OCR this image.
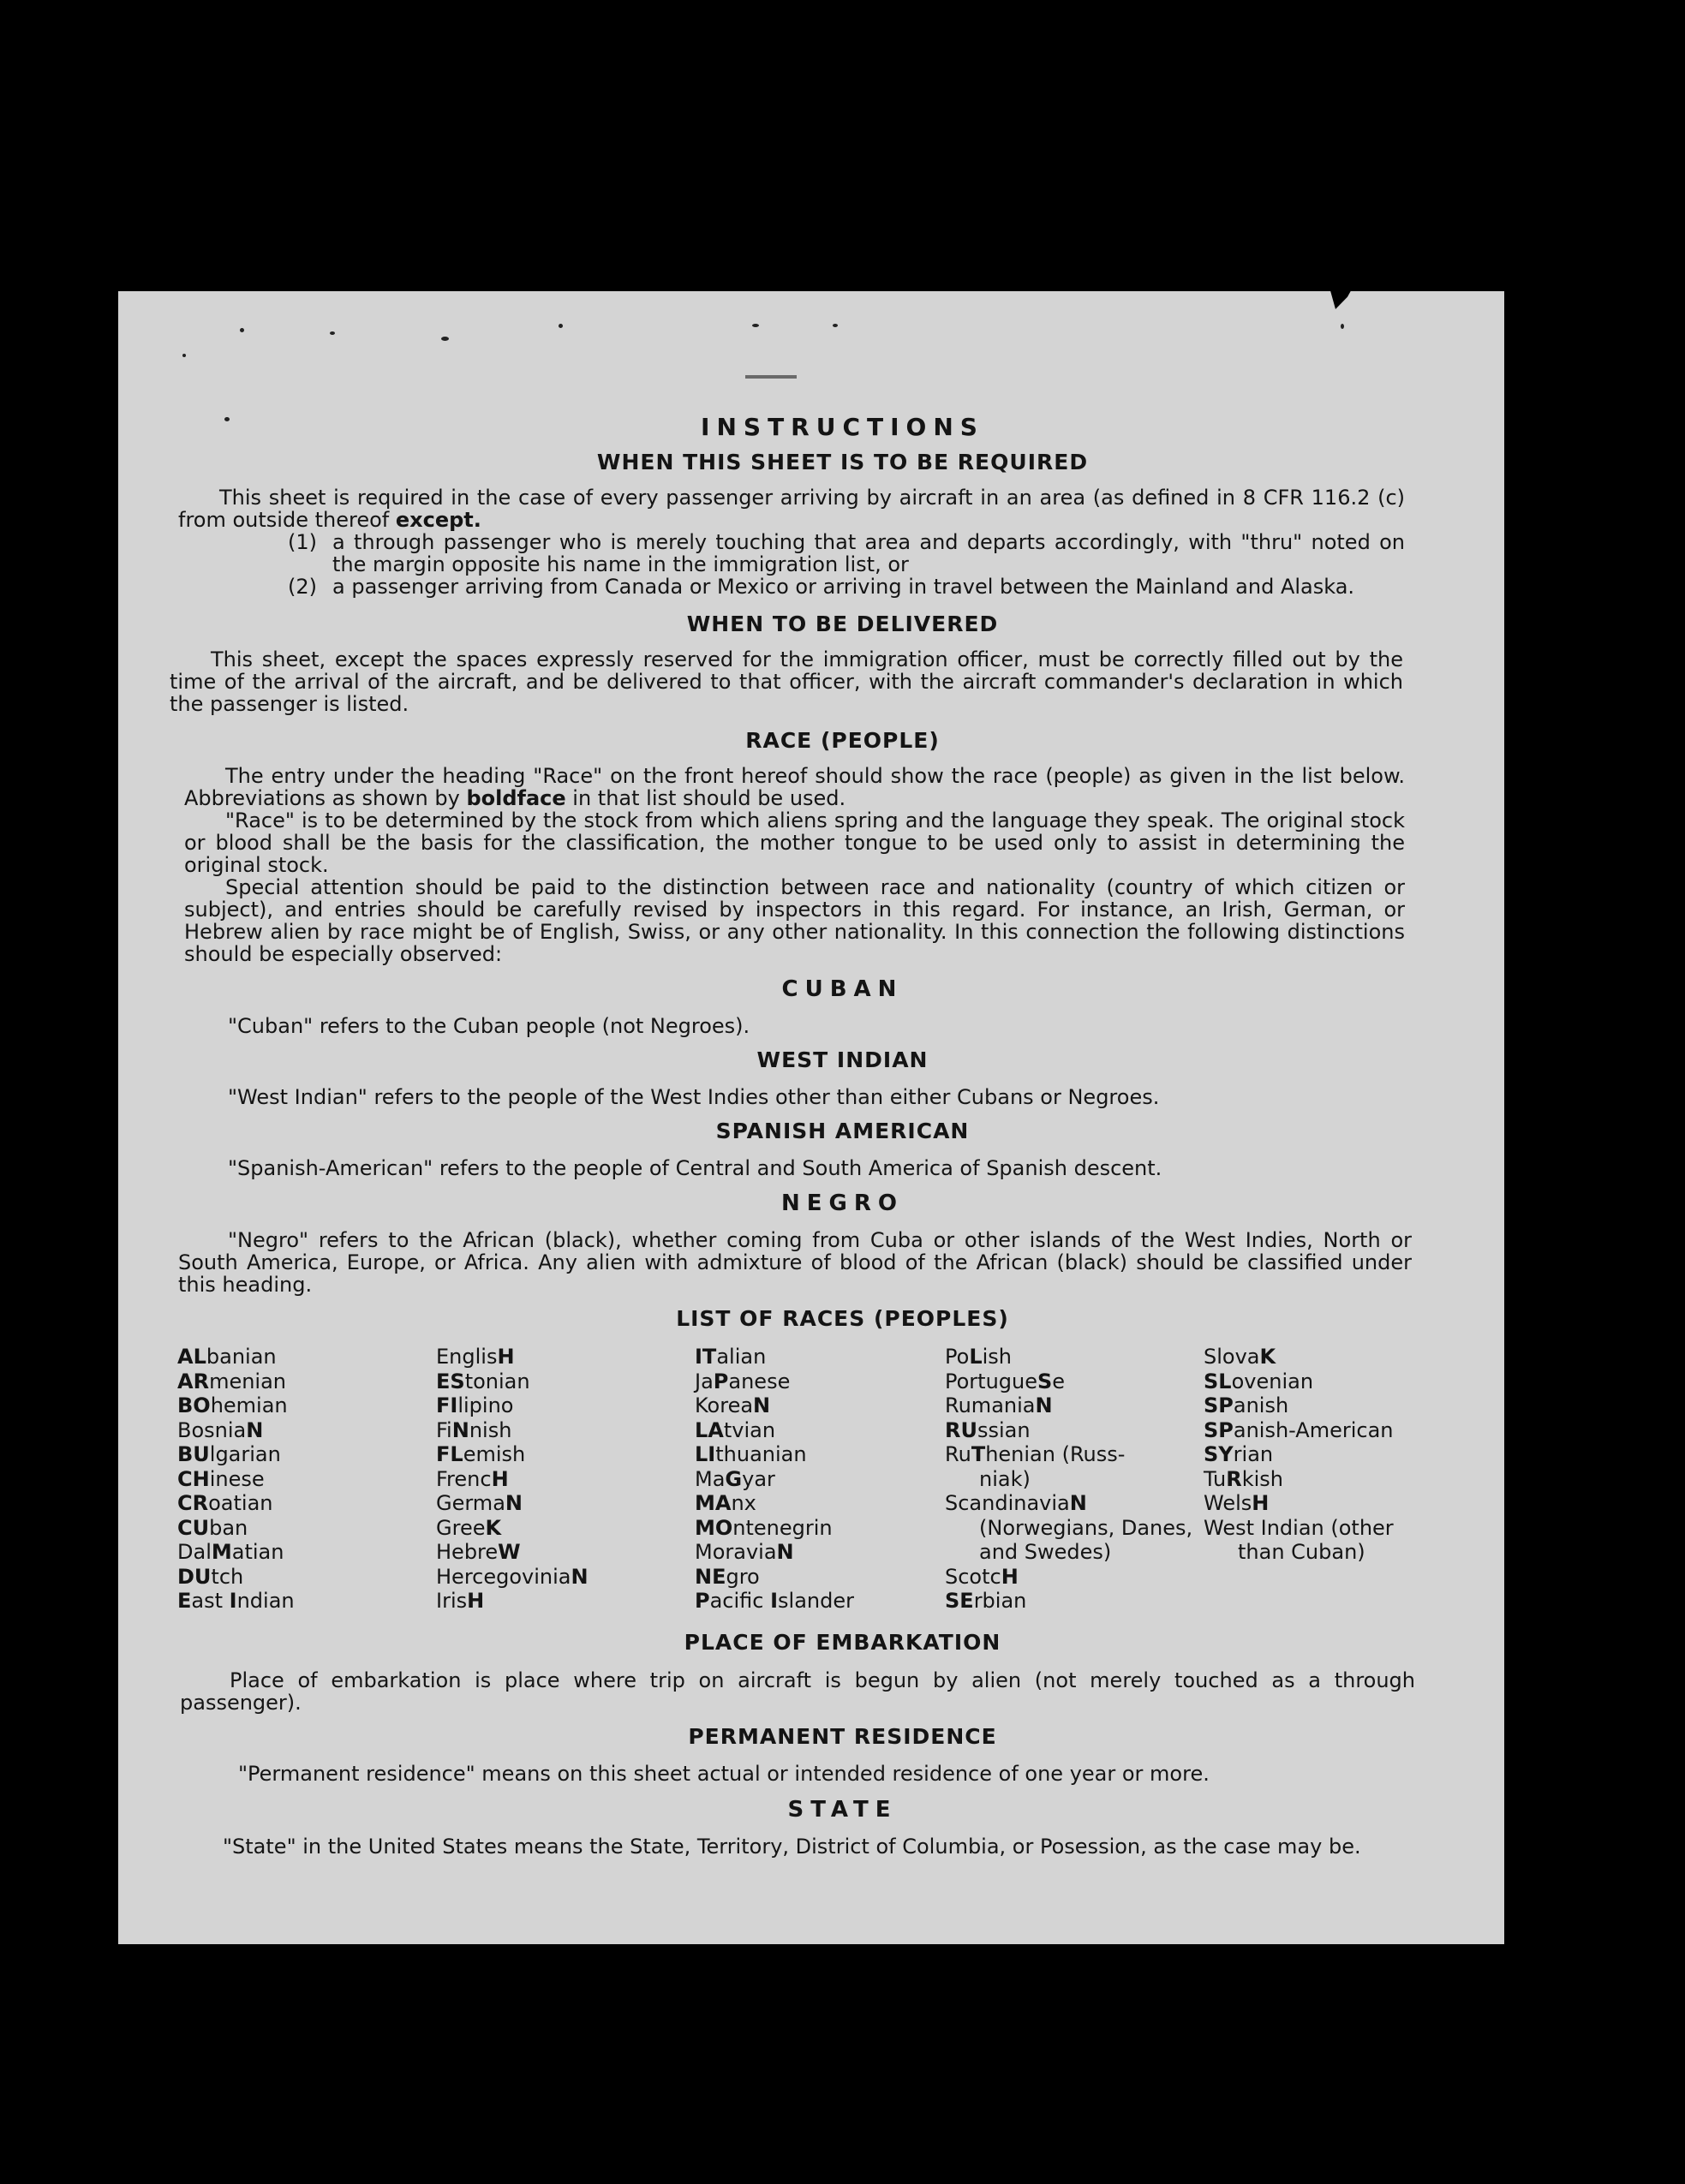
INSTRUCTIONS
WHEN THIS SHEET IS TO BE REQUIRED
This sheet is required in the case of every passenger arriving by aircraft in an area (as defined in 8 CFR 116.2 (c) from outside thereof except.
(1) a through passenger who is merely touching that area and departs accordingly, with "thru" noted on the margin opposite his name in the immigration list, or
(2) a passenger arriving from Canada or Mexico or arriving in travel between the Mainland and Alaska.
WHEN TO BE DELIVERED
This sheet, except the spaces expressly reserved for the immigration officer, must be correctly filled out by the time of the arrival of the aircraft, and be delivered to that officer, with the aircraft commander's declaration in which the passenger is listed.
RACE (PEOPLE)
The entry under the heading "Race" on the front hereof should show the race (people) as given in the list below. Abbreviations as shown by boldface in that list should be used.
"Race" is to be determined by the stock from which aliens spring and the language they speak. The original stock or blood shall be the basis for the classification, the mother tongue to be used only to assist in determining the original stock.
Special attention should be paid to the distinction between race and nationality (country of which citizen or subject), and entries should be carefully revised by inspectors in this regard. For instance, an Irish, German, or Hebrew alien by race might be of English, Swiss, or any other nationality. In this connection the following distinctions should be especially observed:
CUBAN
"Cuban" refers to the Cuban people (not Negroes).
WEST INDIAN
"West Indian" refers to the people of the West Indies other than either Cubans or Negroes.
SPANISH AMERICAN
"Spanish-American" refers to the people of Central and South America of Spanish descent.
NEGRO
"Negro" refers to the African (black), whether coming from Cuba or other islands of the West Indies, North or South America, Europe, or Africa. Any alien with admixture of blood of the African (black) should be classified under this heading.
LIST OF RACES (PEOPLES)
ALbanian
ARmenian
BOhemian
BosniaN
BUlgarian
CHinese
CRoatian
CUban
DalMatian
DUtch
East Indian
EnglisH
EStonian
FIlipino
FiNnish
FLemish
FrencH
GermaN
GreeK
HebreW
HercegoviniaN
IrisH
ITalian
JaPanese
KoreaN
LAtvian
LIthuanian
MaGyar
MAnx
MOntenegrin
MoraviaN
NEgro
Pacific Islander
PoLish
PortugueSe
RumaniaN
RUssian
RuThenian (Russ-
niak)
ScandinaviaN
(Norwegians, Danes, and Swedes)
ScotcH
SErbian
SlovaK
SLovenian
SPanish
SPanish-American
SYrian
TuRkish
WelsH
West Indian (other
than Cuban)
PLACE OF EMBARKATION
Place of embarkation is place where trip on aircraft is begun by alien (not merely touched as a through passenger).
PERMANENT RESIDENCE
"Permanent residence" means on this sheet actual or intended residence of one year or more.
STATE
"State" in the United States means the State, Territory, District of Columbia, or Posession, as the case may be.
